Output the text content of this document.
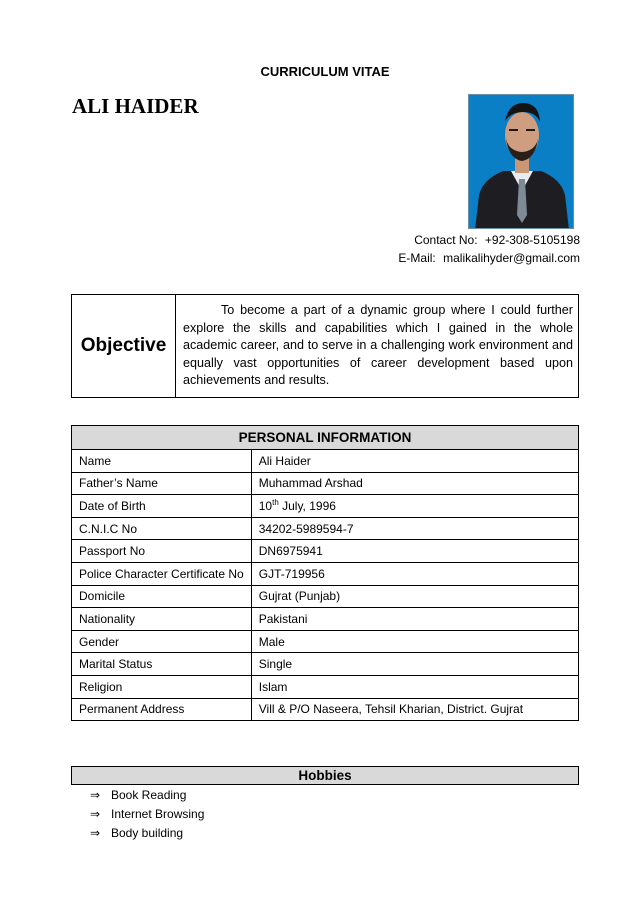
CURRICULUM VITAE
ALI HAIDER
Contact No: +92-308-5105198
E-Mail: malikalihyder@gmail.com
Objective
To become a part of a dynamic group where I could further explore the skills and capabilities which I gained in the whole academic career, and to serve in a challenging work environment and equally vast opportunities of career development based upon achievements and results.
PERSONAL INFORMATION	
Name	Ali Haider
Father’s Name	Muhammad Arshad
Date of Birth	10th July, 1996
C.N.I.C No	34202-5989594-7
Passport No	DN6975941
Police Character Certificate No	GJT-719956
Domicile	Gujrat (Punjab)
Nationality	Pakistani
Gender	Male
Marital Status	Single
Religion	Islam
Permanent Address	Vill & P/O Naseera, Tehsil Kharian, District. Gujrat
Hobbies
⇒ Book Reading
⇒ Internet Browsing
⇒ Body building
